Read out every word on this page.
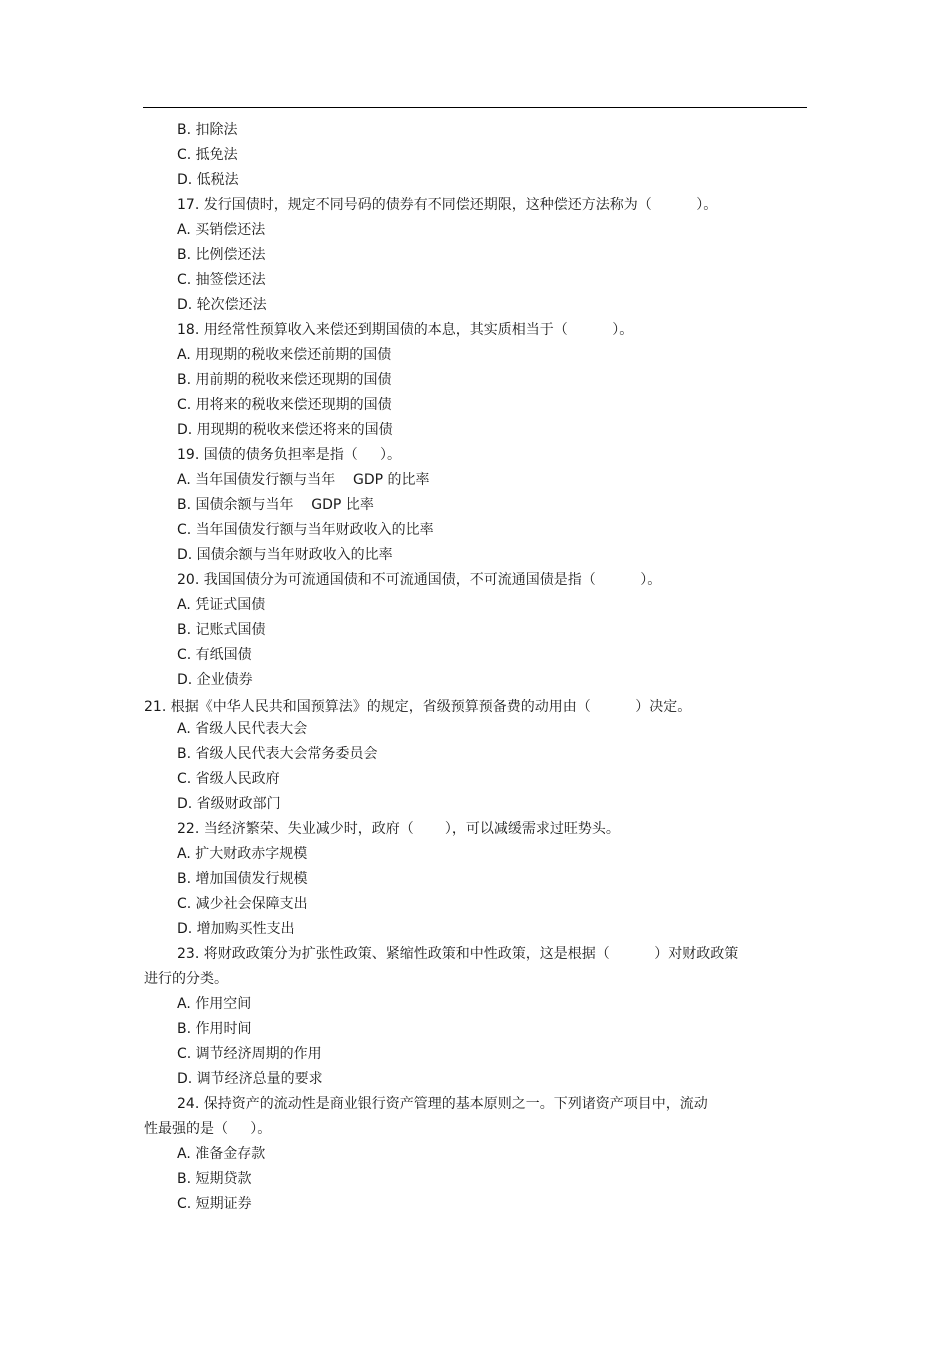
B. 扣除法
C. 抵免法
D. 低税法
17. 发行国债时，规定不同号码的债券有不同偿还期限，这种偿还方法称为（          ）。
A. 买销偿还法
B. 比例偿还法
C. 抽签偿还法
D. 轮次偿还法
18. 用经常性预算收入来偿还到期国债的本息，其实质相当于（          ）。
A. 用现期的税收来偿还前期的国债
B. 用前期的税收来偿还现期的国债
C. 用将来的税收来偿还现期的国债
D. 用现期的税收来偿还将来的国债
19. 国债的债务负担率是指（     ）。
A. 当年国债发行额与当年    GDP 的比率
B. 国债余额与当年    GDP 比率
C. 当年国债发行额与当年财政收入的比率
D. 国债余额与当年财政收入的比率
20. 我国国债分为可流通国债和不可流通国债，不可流通国债是指（          ）。
A. 凭证式国债
B. 记账式国债
C. 有纸国债
D. 企业债券
21. 根据《中华人民共和国预算法》的规定，省级预算预备费的动用由（          ）决定。
A. 省级人民代表大会
B. 省级人民代表大会常务委员会
C. 省级人民政府
D. 省级财政部门
22. 当经济繁荣、失业减少时，政府（       ），可以减缓需求过旺势头。
A. 扩大财政赤字规模
B. 增加国债发行规模
C. 减少社会保障支出
D. 增加购买性支出
23. 将财政政策分为扩张性政策、紧缩性政策和中性政策，这是根据（          ）对财政政策
进行的分类。
A. 作用空间
B. 作用时间
C. 调节经济周期的作用
D. 调节经济总量的要求
24. 保持资产的流动性是商业银行资产管理的基本原则之一。下列诸资产项目中，流动
性最强的是（     ）。
A. 准备金存款
B. 短期贷款
C. 短期证券
